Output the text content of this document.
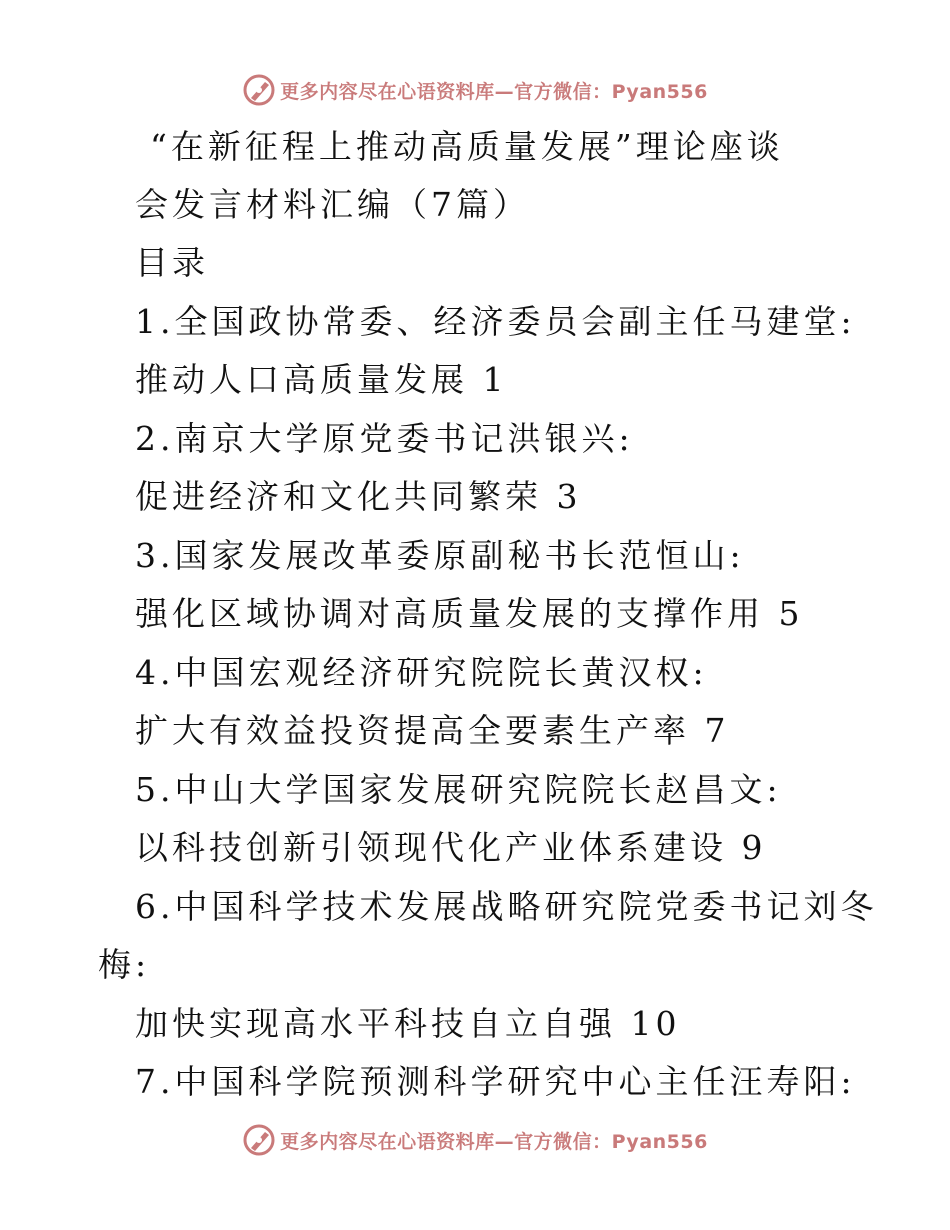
更多内容尽在心语资料库—官方微信：Pyan556
“在新征程上推动高质量发展”理论座谈
会发言材料汇编（7篇）
目录
1.全国政协常委、经济委员会副主任马建堂:
推动人口高质量发展 1
2.南京大学原党委书记洪银兴:
促进经济和文化共同繁荣 3
3.国家发展改革委原副秘书长范恒山:
强化区域协调对高质量发展的支撑作用 5
4.中国宏观经济研究院院长黄汉权:
扩大有效益投资提高全要素生产率 7
5.中山大学国家发展研究院院长赵昌文:
以科技创新引领现代化产业体系建设 9
6.中国科学技术发展战略研究院党委书记刘冬
梅:
加快实现高水平科技自立自强 10
7.中国科学院预测科学研究中心主任汪寿阳:
更多内容尽在心语资料库—官方微信：Pyan556
